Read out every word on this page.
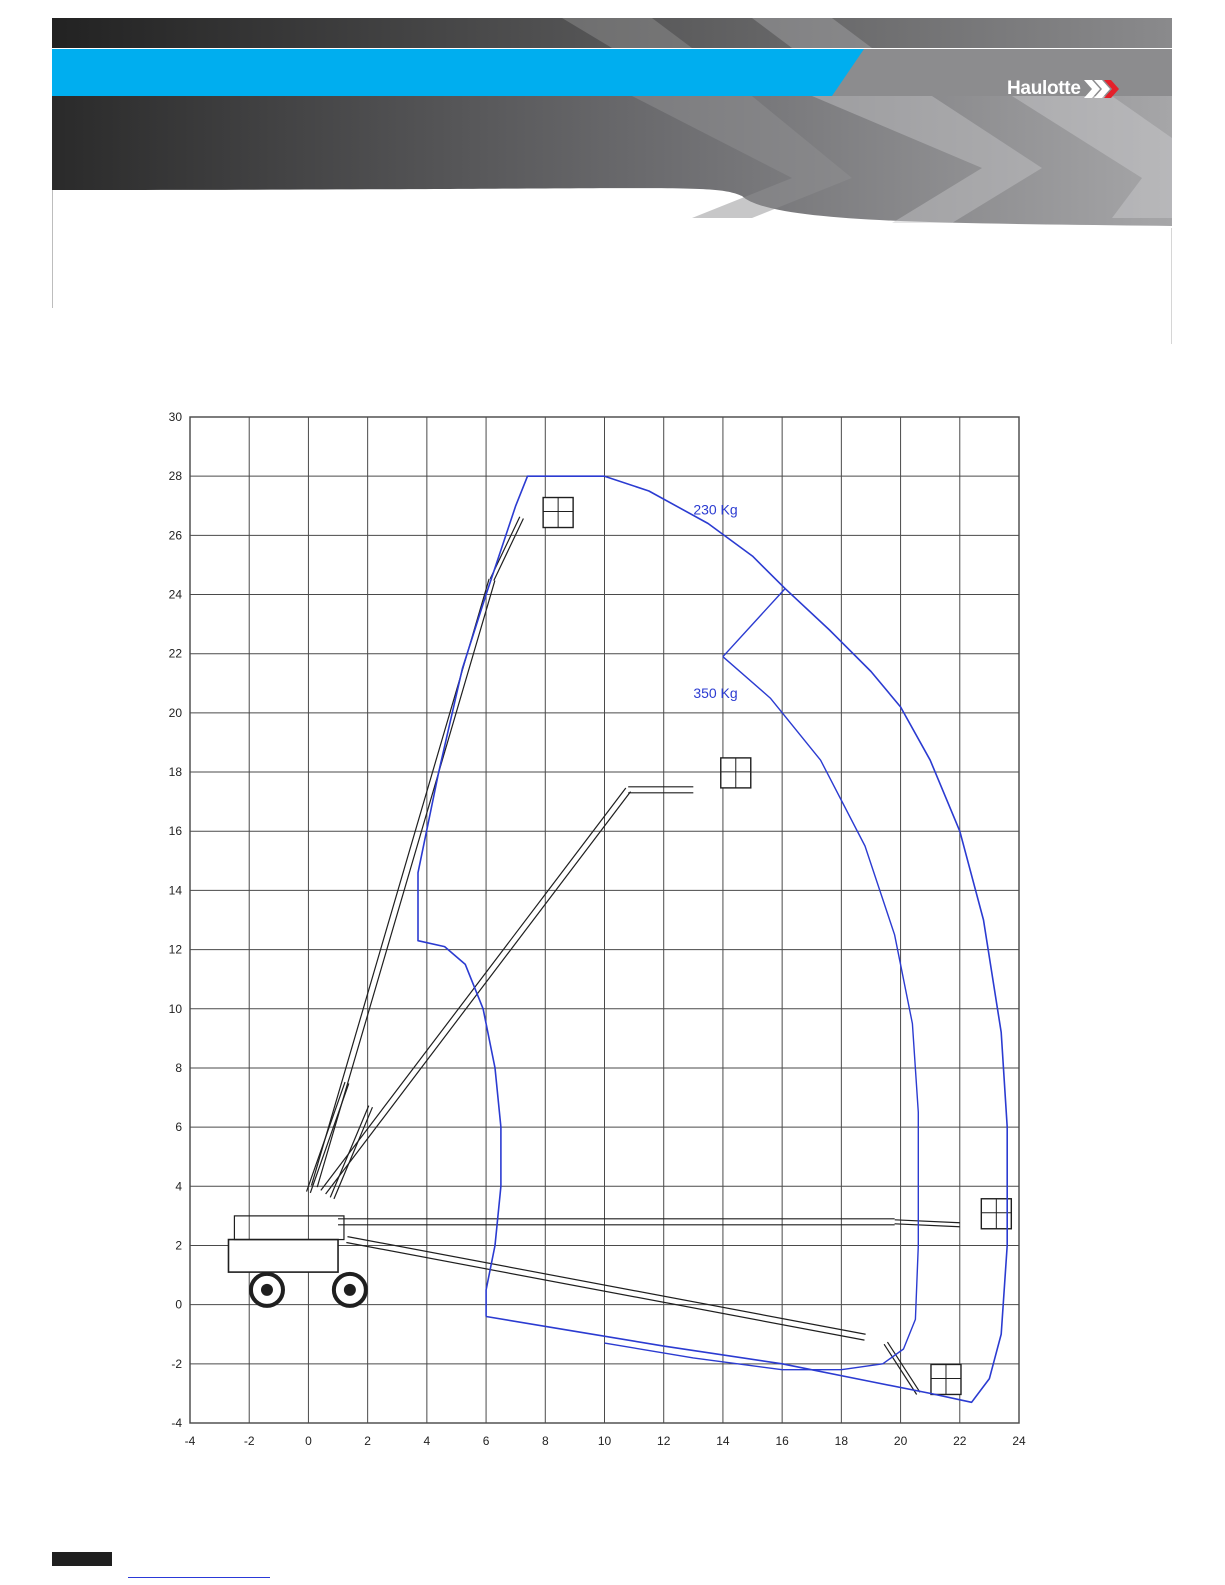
Haulotte
230 Kg
350 Kg
-4	-2	0	2	4	6	8	10	12	14	16	18	20	22	24
-4
-2
0
2
4
6
8
10
12
14
16
18
20
22
24
26
28
30
